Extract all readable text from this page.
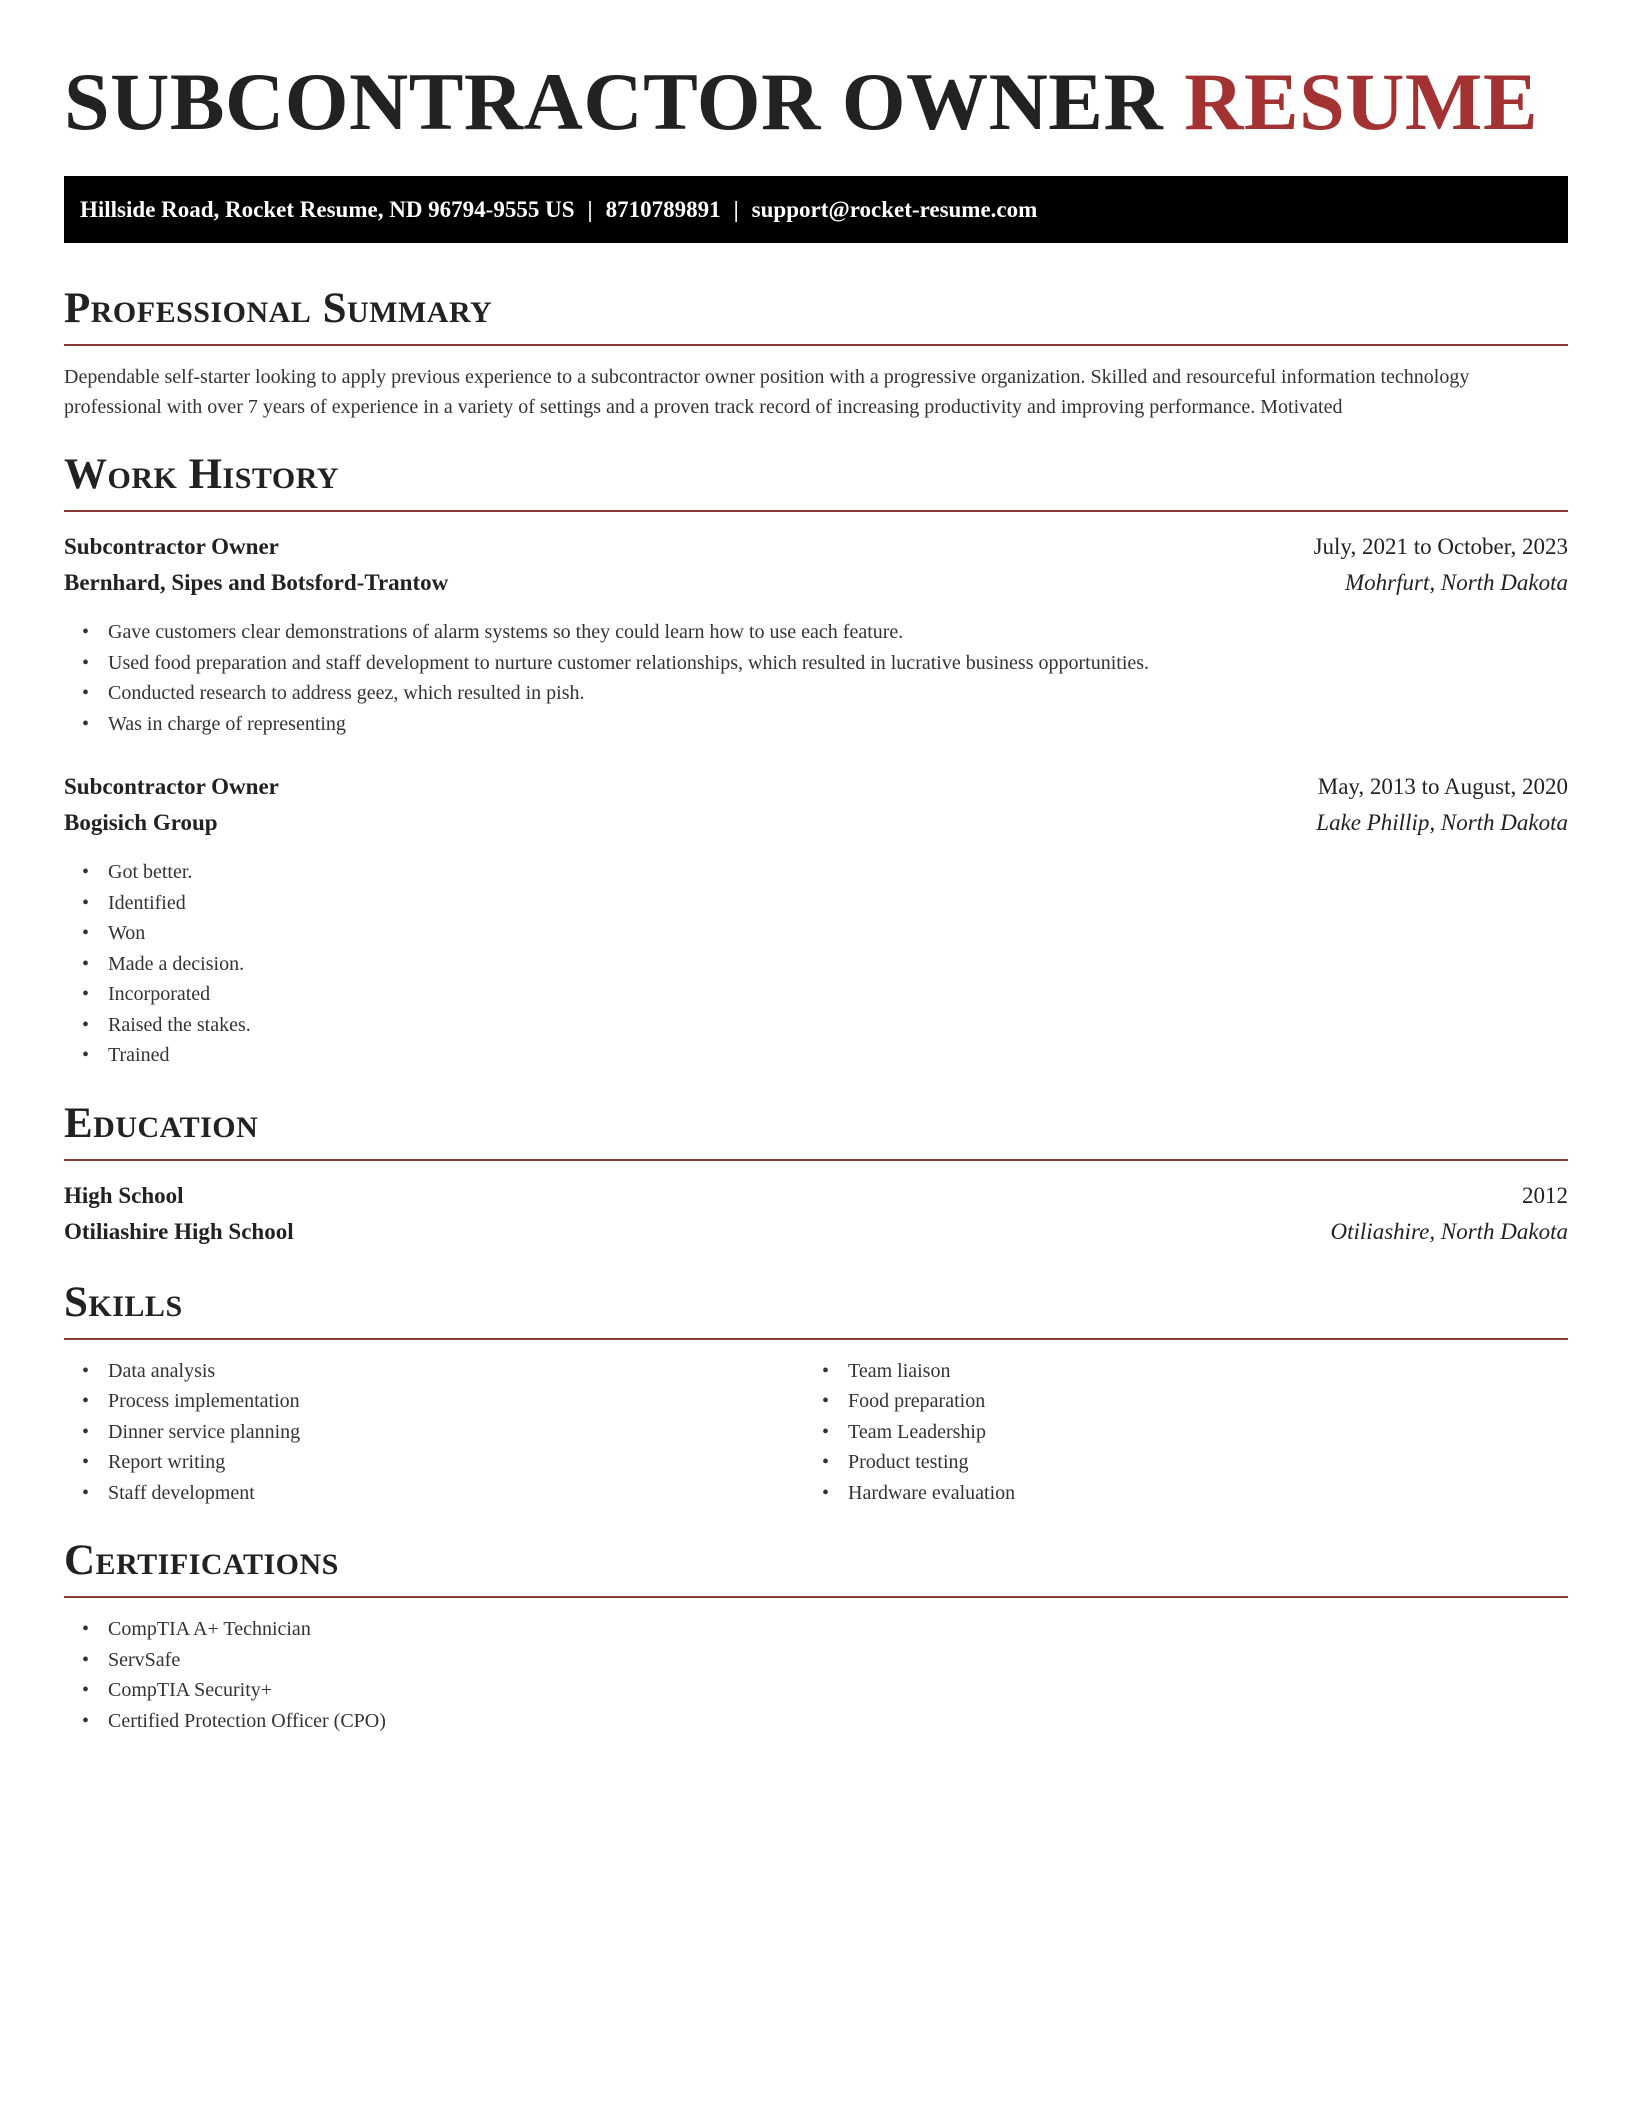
SUBCONTRACTOR OWNER RESUME
Hillside Road, Rocket Resume, ND 96794-9555 US | 8710789891 | support@rocket-resume.com
Professional Summary

Dependable self-starter looking to apply previous experience to a subcontractor owner position with a progressive organization. Skilled and resourceful information technology professional with over 7 years of experience in a variety of settings and a proven track record of increasing productivity and improving performance. Motivated

Work History
Subcontractor Owner	July, 2021 to October, 2023
Bernhard, Sipes and Botsford-Trantow	Mohrfurt, North Dakota
• Gave customers clear demonstrations of alarm systems so they could learn how to use each feature.
• Used food preparation and staff development to nurture customer relationships, which resulted in lucrative business opportunities.
• Conducted research to address geez, which resulted in pish.
• Was in charge of representing
Subcontractor Owner	May, 2013 to August, 2020
Bogisich Group	Lake Phillip, North Dakota
• Got better.
• Identified
• Won
• Made a decision.
• Incorporated
• Raised the stakes.
• Trained
Education
High School	2012
Otiliashire High School	Otiliashire, North Dakota
Skills
• Data analysis
• Process implementation
• Dinner service planning
• Report writing
• Staff development
• Team liaison
• Food preparation
• Team Leadership
• Product testing
• Hardware evaluation
Certifications
• CompTIA A+ Technician
• ServSafe
• CompTIA Security+
• Certified Protection Officer (CPO)
